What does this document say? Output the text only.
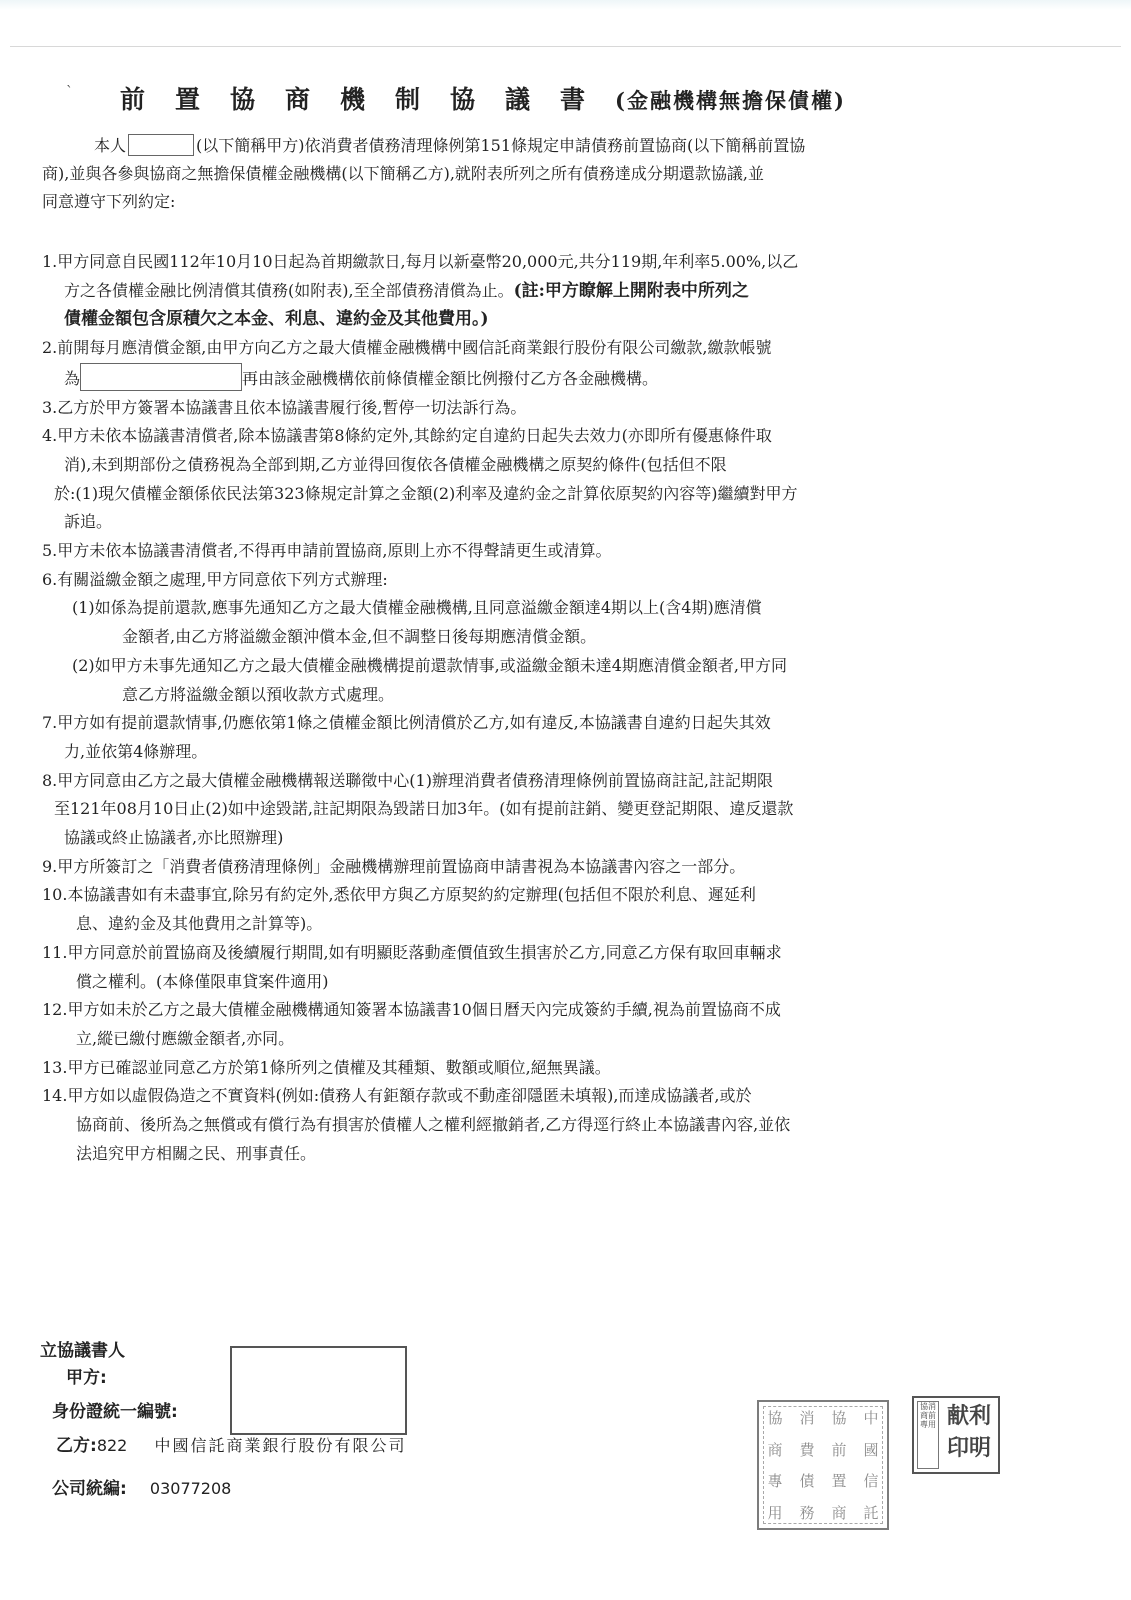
` 前置協商機制協議書(金融機構無擔保債權)
本人	(以下簡稱甲方)依消費者債務清理條例第151條規定申請債務前置協商(以下簡稱前置協
商),並與各參與協商之無擔保債權金融機構(以下簡稱乙方),就附表所列之所有債務達成分期還款協議,並
同意遵守下列約定:
1.甲方同意自民國112年10月10日起為首期繳款日,每月以新臺幣20,000元,共分119期,年利率5.00%,以乙
方之各債權金融比例清償其債務(如附表),至全部債務清償為止。(註:甲方瞭解上開附表中所列之
債權金額包含原積欠之本金、利息、違約金及其他費用。)
2.前開每月應清償金額,由甲方向乙方之最大債權金融機構中國信託商業銀行股份有限公司繳款,繳款帳號
為	再由該金融機構依前條債權金額比例撥付乙方各金融機構。
3.乙方於甲方簽署本協議書且依本協議書履行後,暫停一切法訴行為。
4.甲方未依本協議書清償者,除本協議書第8條約定外,其餘約定自違約日起失去效力(亦即所有優惠條件取
消),未到期部份之債務視為全部到期,乙方並得回復依各債權金融機構之原契約條件(包括但不限
於:(1)現欠債權金額係依民法第323條規定計算之金額(2)利率及違約金之計算依原契約內容等)繼續對甲方
訴追。
5.甲方未依本協議書清償者,不得再申請前置協商,原則上亦不得聲請更生或清算。
6.有關溢繳金額之處理,甲方同意依下列方式辦理:
(1)如係為提前還款,應事先通知乙方之最大債權金融機構,且同意溢繳金額達4期以上(含4期)應清償
金額者,由乙方將溢繳金額沖償本金,但不調整日後每期應清償金額。
(2)如甲方未事先通知乙方之最大債權金融機構提前還款情事,或溢繳金額未達4期應清償金額者,甲方同
意乙方將溢繳金額以預收款方式處理。
7.甲方如有提前還款情事,仍應依第1條之債權金額比例清償於乙方,如有違反,本協議書自違約日起失其效
力,並依第4條辦理。
8.甲方同意由乙方之最大債權金融機構報送聯徵中心(1)辦理消費者債務清理條例前置協商註記,註記期限
至121年08月10日止(2)如中途毀諾,註記期限為毀諾日加3年。(如有提前註銷、變更登記期限、違反還款
協議或終止協議者,亦比照辦理)
9.甲方所簽訂之「消費者債務清理條例」金融機構辦理前置協商申請書視為本協議書內容之一部分。
10.本協議書如有未盡事宜,除另有約定外,悉依甲方與乙方原契約約定辦理(包括但不限於利息、遲延利
息、違約金及其他費用之計算等)。
11.甲方同意於前置協商及後續履行期間,如有明顯貶落動產價值致生損害於乙方,同意乙方保有取回車輛求
償之權利。(本條僅限車貸案件適用)
12.甲方如未於乙方之最大債權金融機構通知簽署本協議書10個日曆天內完成簽約手續,視為前置協商不成
立,縱已繳付應繳金額者,亦同。
13.甲方已確認並同意乙方於第1條所列之債權及其種類、數額或順位,絕無異議。
14.甲方如以虛假偽造之不實資料(例如:債務人有鉅額存款或不動產卻隱匿未填報),而達成協議者,或於
協商前、後所為之無償或有償行為有損害於債權人之權利經撤銷者,乙方得逕行終止本協議書內容,並依
法追究甲方相關之民、刑事責任。
立協議書人
甲方:
身份證統一編號:
乙方:822 中國信託商業銀行股份有限公司
公司統編: 03077208
協	消	協	中
商	費	前	國
專	債	置	信
用	務	商	託
協消商前專用 献利
印明
